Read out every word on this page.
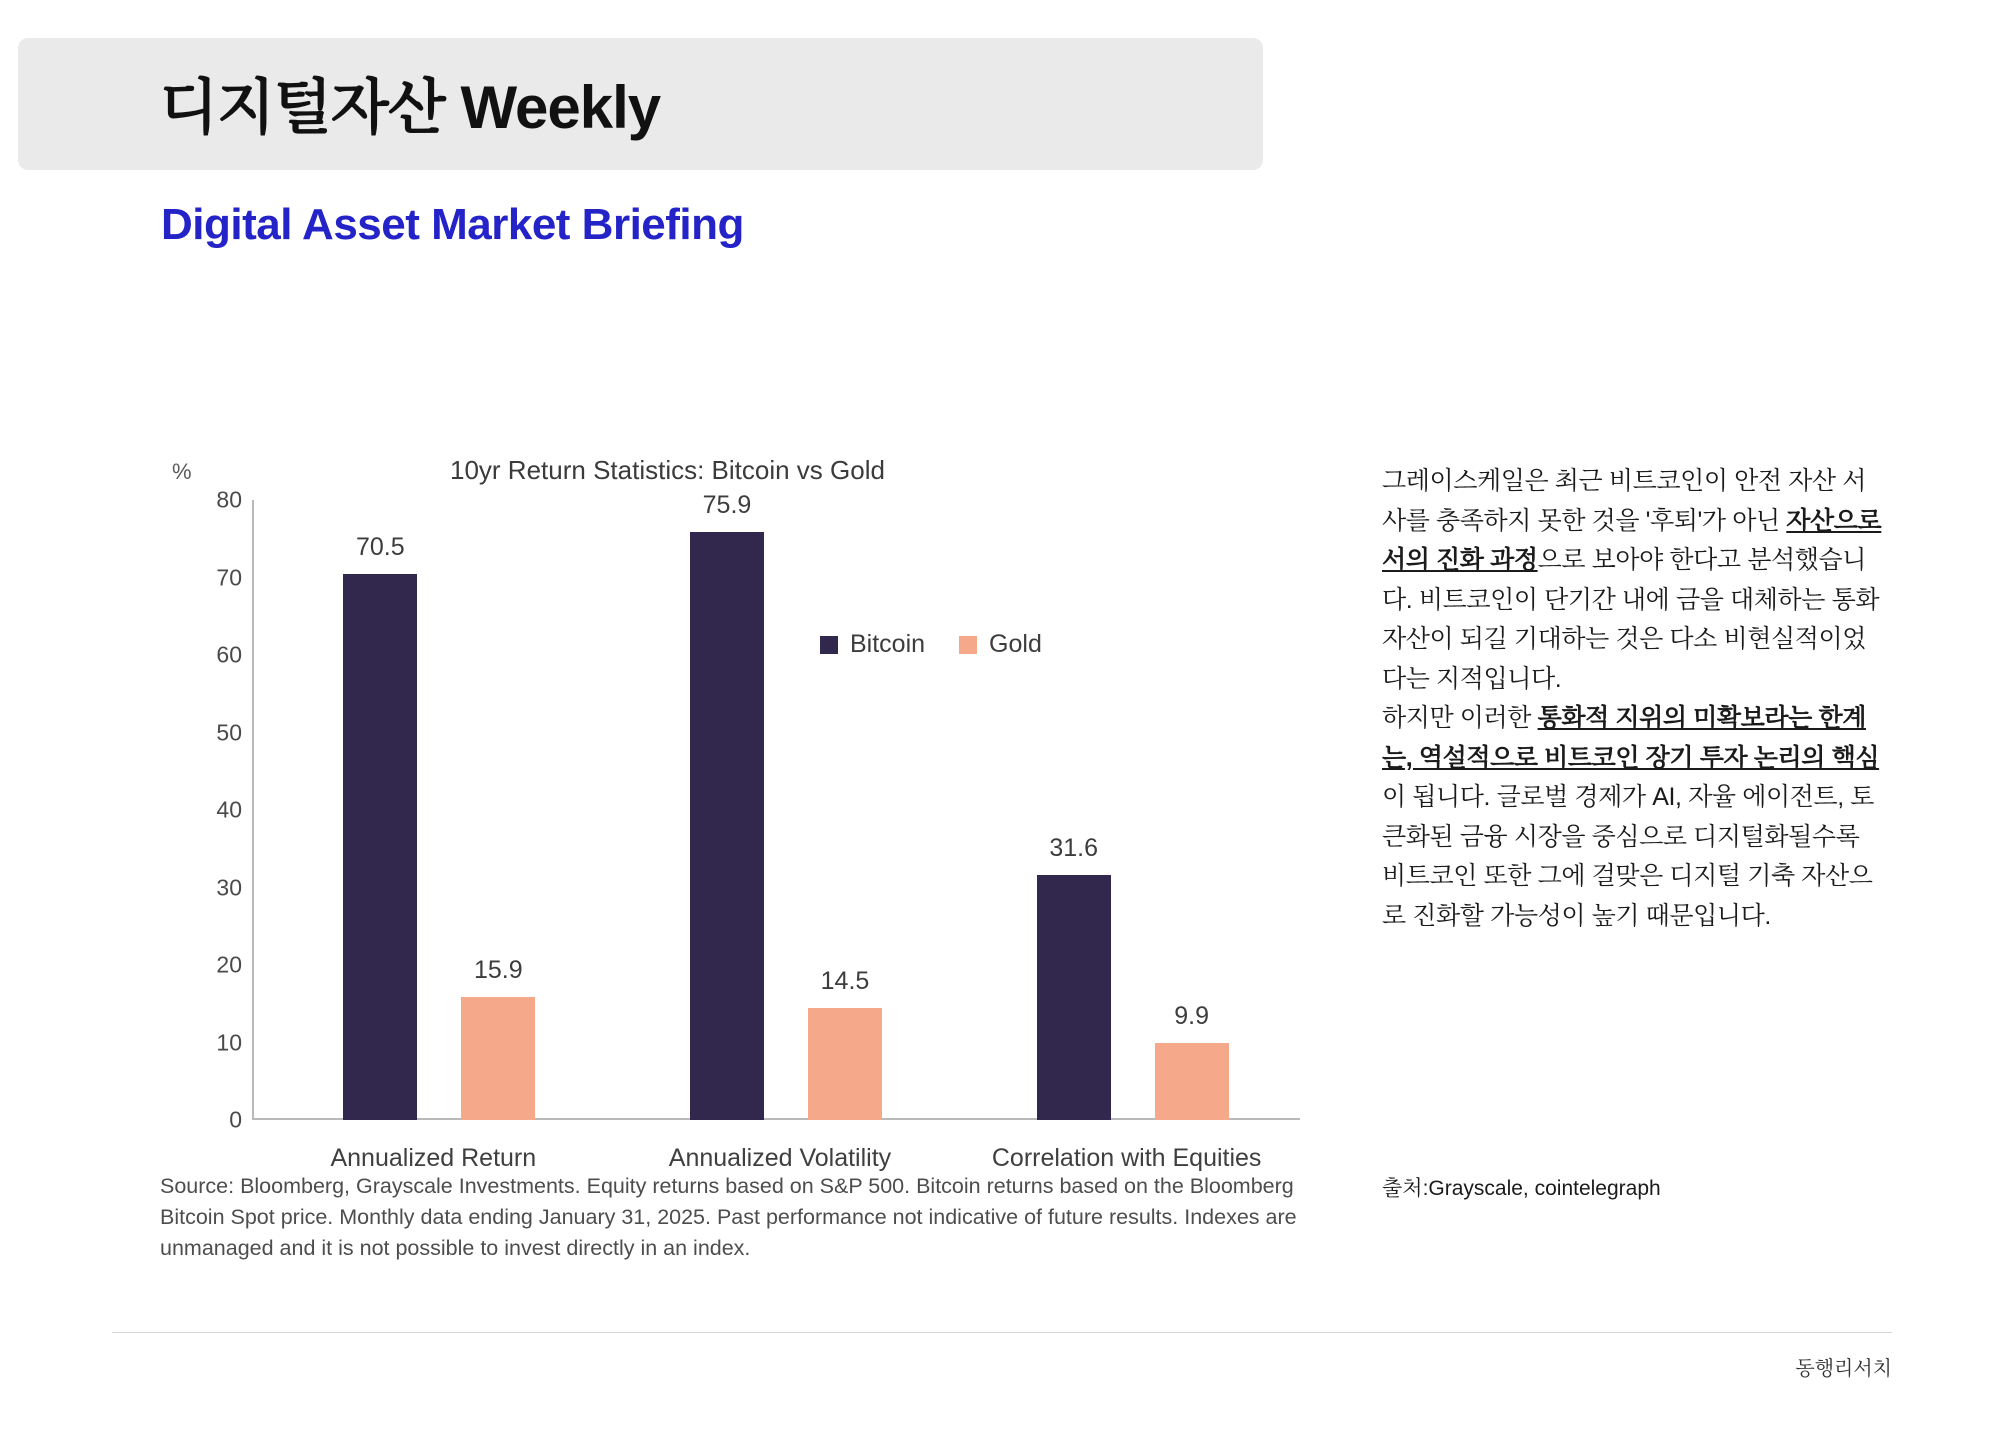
디지털자산 Weekly
Digital Asset Market Briefing
10yr Return Statistics: Bitcoin vs Gold
%
0
10
20
30
40
50
60
70
80
70.5
15.9
Annualized Return
75.9
14.5
Annualized Volatility
31.6
9.9
Correlation with Equities
Bitcoin	Gold
Source: Bloomberg, Grayscale Investments. Equity returns based on S&P 500. Bitcoin returns based on the Bloomberg Bitcoin Spot price. Monthly data ending January 31, 2025. Past performance not indicative of future results. Indexes are unmanaged and it is not possible to invest directly in an index.

그레이스케일은 최근 비트코인이 안전 자산 서사를 충족하지 못한 것을 '후퇴'가 아닌 자산으로서의 진화 과정으로 보아야 한다고 분석했습니다. 비트코인이 단기간 내에 금을 대체하는 통화 자산이 되길 기대하는 것은 다소 비현실적이었다는 지적입니다.

하지만 이러한 통화적 지위의 미확보라는 한계는, 역설적으로 비트코인 장기 투자 논리의 핵심이 됩니다. 글로벌 경제가 AI, 자율 에이전트, 토큰화된 금융 시장을 중심으로 디지털화될수록 비트코인 또한 그에 걸맞은 디지털 기축 자산으로 진화할 가능성이 높기 때문입니다.

출처:Grayscale, cointelegraph
동행리서치
